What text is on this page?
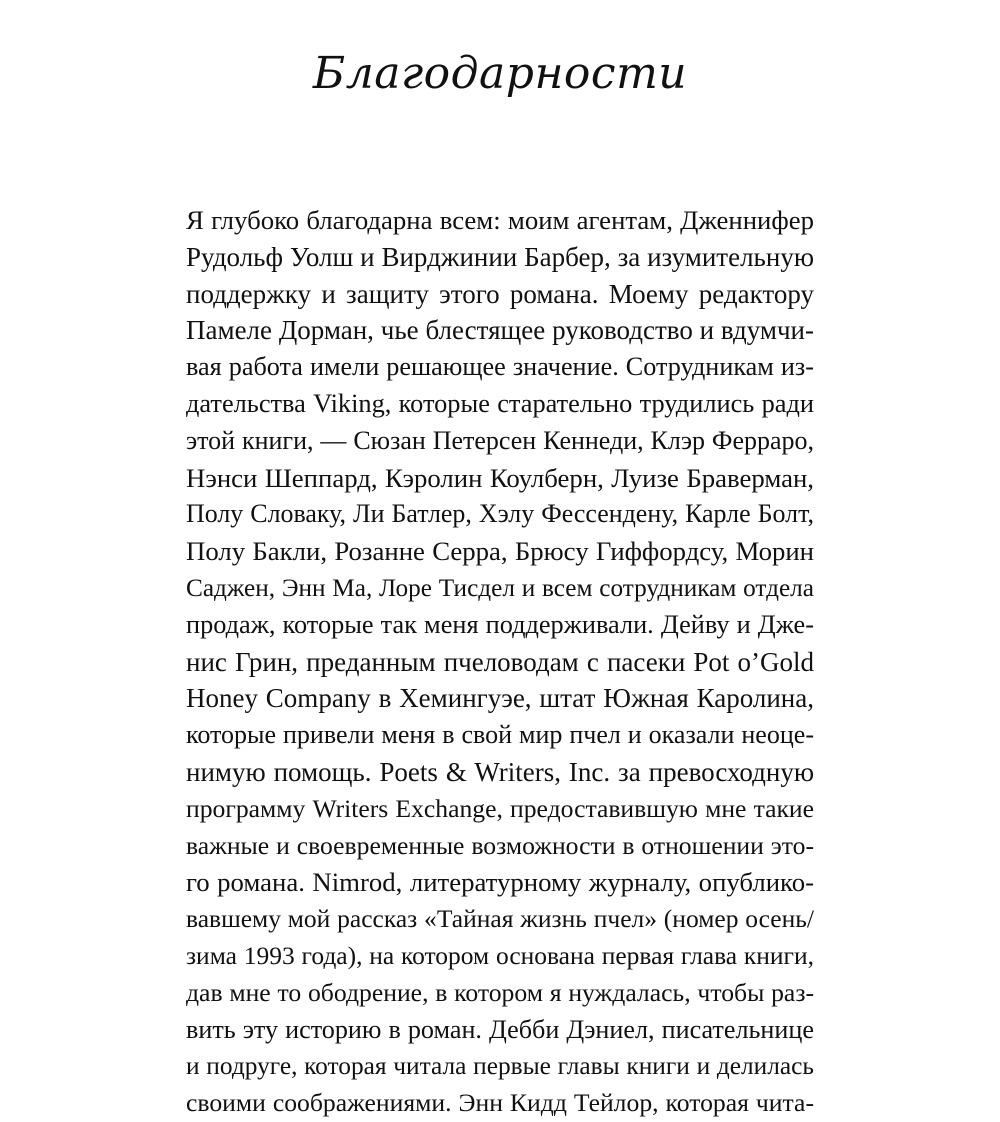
Благодарности
Я глубоко благодарна всем: моим агентам, Дженнифер
Рудольф Уолш и Вирджинии Барбер, за изумительную
поддержку и защиту этого романа. Моему редактору
Памеле Дорман, чье блестящее руководство и вдумчи-
вая работа имели решающее значение. Сотрудникам из-
дательства Viking, которые старательно трудились ради
этой книги, — Сюзан Петерсен Кеннеди, Клэр Ферраро,
Нэнси Шеппард, Кэролин Коулберн, Луизе Браверман,
Полу Словаку, Ли Батлер, Хэлу Фессендену, Карле Болт,
Полу Бакли, Розанне Серра, Брюсу Гиффордсу, Морин
Саджен, Энн Ма, Лоре Тисдел и всем сотрудникам отдела
продаж, которые так меня поддерживали. Дейву и Дже-
нис Грин, преданным пчеловодам с пасеки Pot o’Gold
Honey Company в Хемингуэе, штат Южная Каролина,
которые привели меня в свой мир пчел и оказали неоце-
нимую помощь. Poets & Writers, Inc. за превосходную
программу Writers Exchange, предоставившую мне такие
важные и своевременные возможности в отношении это-
го романа. Nimrod, литературному журналу, опублико-
вавшему мой рассказ «Тайная жизнь пчел» (номер осень/
зима 1993 года), на котором основана первая глава книги,
дав мне то ободрение, в котором я нуждалась, чтобы раз-
вить эту историю в роман. Дебби Дэниел, писательнице
и подруге, которая читала первые главы книги и делилась
своими соображениями. Энн Кидд Тейлор, которая чита-
